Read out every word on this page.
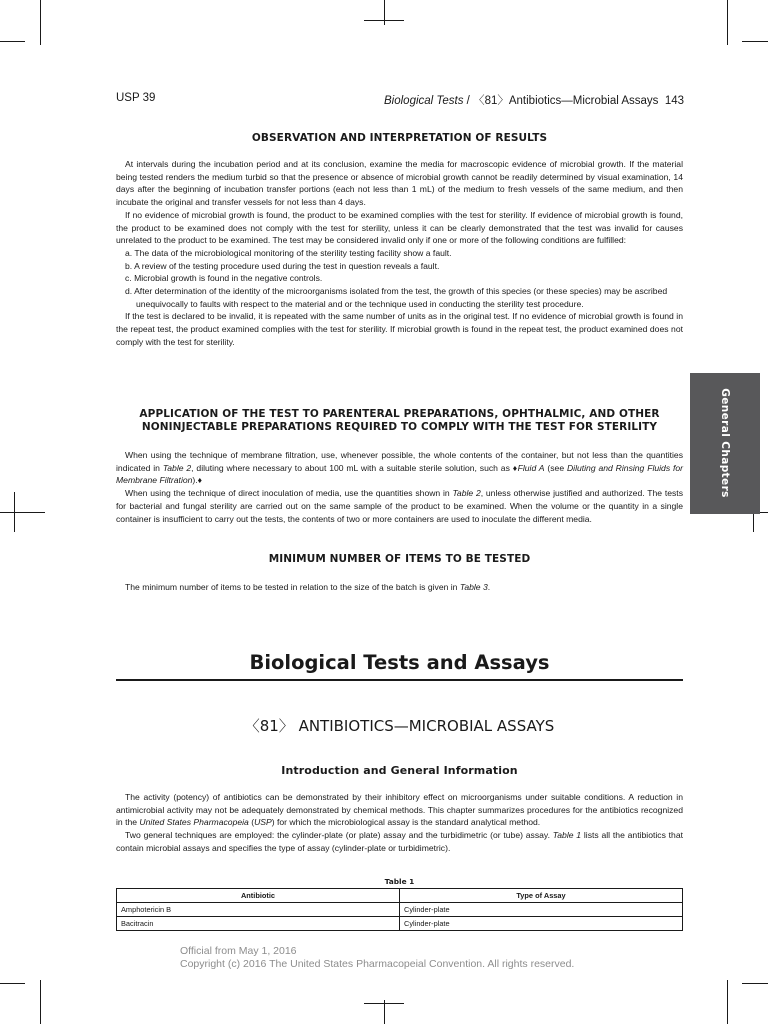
USP 39	Biological Tests / 〈81〉Antibiotics—Microbial Assays 143
General Chapters
OBSERVATION AND INTERPRETATION OF RESULTS

At intervals during the incubation period and at its conclusion, examine the media for macroscopic evidence of microbial growth. If the material being tested renders the medium turbid so that the presence or absence of microbial growth cannot be readily determined by visual examination, 14 days after the beginning of incubation transfer portions (each not less than 1 mL) of the medium to fresh vessels of the same medium, and then incubate the original and transfer vessels for not less than 4 days.

If no evidence of microbial growth is found, the product to be examined complies with the test for sterility. If evidence of microbial growth is found, the product to be examined does not comply with the test for sterility, unless it can be clearly demonstrated that the test was invalid for causes unrelated to the product to be examined. The test may be considered invalid only if one or more of the following conditions are fulfilled:

a. The data of the microbiological monitoring of the sterility testing facility show a fault.

b. A review of the testing procedure used during the test in question reveals a fault.

c. Microbial growth is found in the negative controls.

d. After determination of the identity of the microorganisms isolated from the test, the growth of this species (or these species) may be ascribed unequivocally to faults with respect to the material and or the technique used in conducting the sterility test procedure.

If the test is declared to be invalid, it is repeated with the same number of units as in the original test. If no evidence of microbial growth is found in the repeat test, the product examined complies with the test for sterility. If microbial growth is found in the repeat test, the product examined does not comply with the test for sterility.

APPLICATION OF THE TEST TO PARENTERAL PREPARATIONS, OPHTHALMIC, AND OTHER
NONINJECTABLE PREPARATIONS REQUIRED TO COMPLY WITH THE TEST FOR STERILITY

When using the technique of membrane filtration, use, whenever possible, the whole contents of the container, but not less than the quantities indicated in Table 2, diluting where necessary to about 100 mL with a suitable sterile solution, such as ♦Fluid A (see Diluting and Rinsing Fluids for Membrane Filtration).♦

When using the technique of direct inoculation of media, use the quantities shown in Table 2, unless otherwise justified and authorized. The tests for bacterial and fungal sterility are carried out on the same sample of the product to be examined. When the volume or the quantity in a single container is insufficient to carry out the tests, the contents of two or more containers are used to inoculate the different media.

MINIMUM NUMBER OF ITEMS TO BE TESTED

The minimum number of items to be tested in relation to the size of the batch is given in Table 3.

Biological Tests and Assays
〈81〉 ANTIBIOTICS—MICROBIAL ASSAYS
Introduction and General Information

The activity (potency) of antibiotics can be demonstrated by their inhibitory effect on microorganisms under suitable conditions. A reduction in antimicrobial activity may not be adequately demonstrated by chemical methods. This chapter summarizes procedures for the antibiotics recognized in the United States Pharmacopeia (USP) for which the microbiological assay is the standard analytical method.

Two general techniques are employed: the cylinder-plate (or plate) assay and the turbidimetric (or tube) assay. Table 1 lists all the antibiotics that contain microbial assays and specifies the type of assay (cylinder-plate or turbidimetric).

Table 1
Antibiotic	Type of Assay
Amphotericin B	Cylinder-plate
Bacitracin	Cylinder-plate
Official from May 1, 2016
Copyright (c) 2016 The United States Pharmacopeial Convention. All rights reserved.
